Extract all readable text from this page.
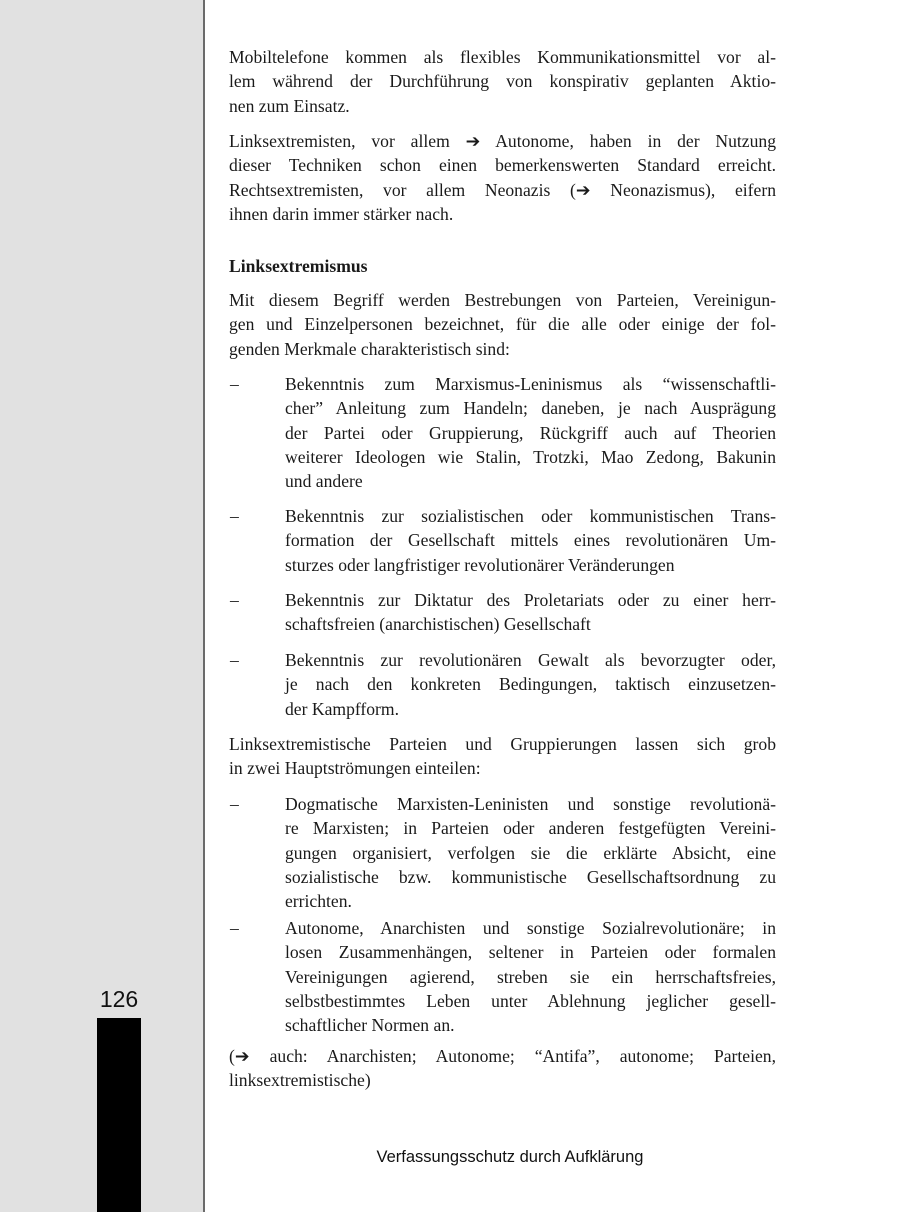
126
Mobiltelefone kommen als flexibles Kommunikationsmittel vor al-
lem während der Durchführung von konspirativ geplanten Aktio-
nen zum Einsatz.
Linksextremisten, vor allem ➔ Autonome, haben in der Nutzung
dieser Techniken schon einen bemerkenswerten Standard erreicht.
Rechtsextremisten, vor allem Neonazis (➔ Neonazismus), eifern
ihnen darin immer stärker nach.
Linksextremismus
Mit diesem Begriff werden Bestrebungen von Parteien, Vereinigun-
gen und Einzelpersonen bezeichnet, für die alle oder einige der fol-
genden Merkmale charakteristisch sind:
–	Bekenntnis zum Marxismus-Leninismus als “wissenschaftli-
cher” Anleitung zum Handeln; daneben, je nach Ausprägung
der Partei oder Gruppierung, Rückgriff auch auf Theorien
weiterer Ideologen wie Stalin, Trotzki, Mao Zedong, Bakunin
und andere
–	Bekenntnis zur sozialistischen oder kommunistischen Trans-
formation der Gesellschaft mittels eines revolutionären Um-
sturzes oder langfristiger revolutionärer Veränderungen
–	Bekenntnis zur Diktatur des Proletariats oder zu einer herr-
schaftsfreien (anarchistischen) Gesellschaft
–	Bekenntnis zur revolutionären Gewalt als bevorzugter oder,
je nach den konkreten Bedingungen, taktisch einzusetzen-
der Kampfform.
Linksextremistische Parteien und Gruppierungen lassen sich grob
in zwei Hauptströmungen einteilen:
–	Dogmatische Marxisten-Leninisten und sonstige revolutionä-
re Marxisten; in Parteien oder anderen festgefügten Vereini-
gungen organisiert, verfolgen sie die erklärte Absicht, eine
sozialistische bzw. kommunistische Gesellschaftsordnung zu
errichten.
–	Autonome, Anarchisten und sonstige Sozialrevolutionäre; in
losen Zusammenhängen, seltener in Parteien oder formalen
Vereinigungen agierend, streben sie ein herrschaftsfreies,
selbstbestimmtes Leben unter Ablehnung jeglicher gesell-
schaftlicher Normen an.
(➔ auch: Anarchisten; Autonome; “Antifa”, autonome; Parteien,
linksextremistische)
Verfassungsschutz durch Aufklärung
